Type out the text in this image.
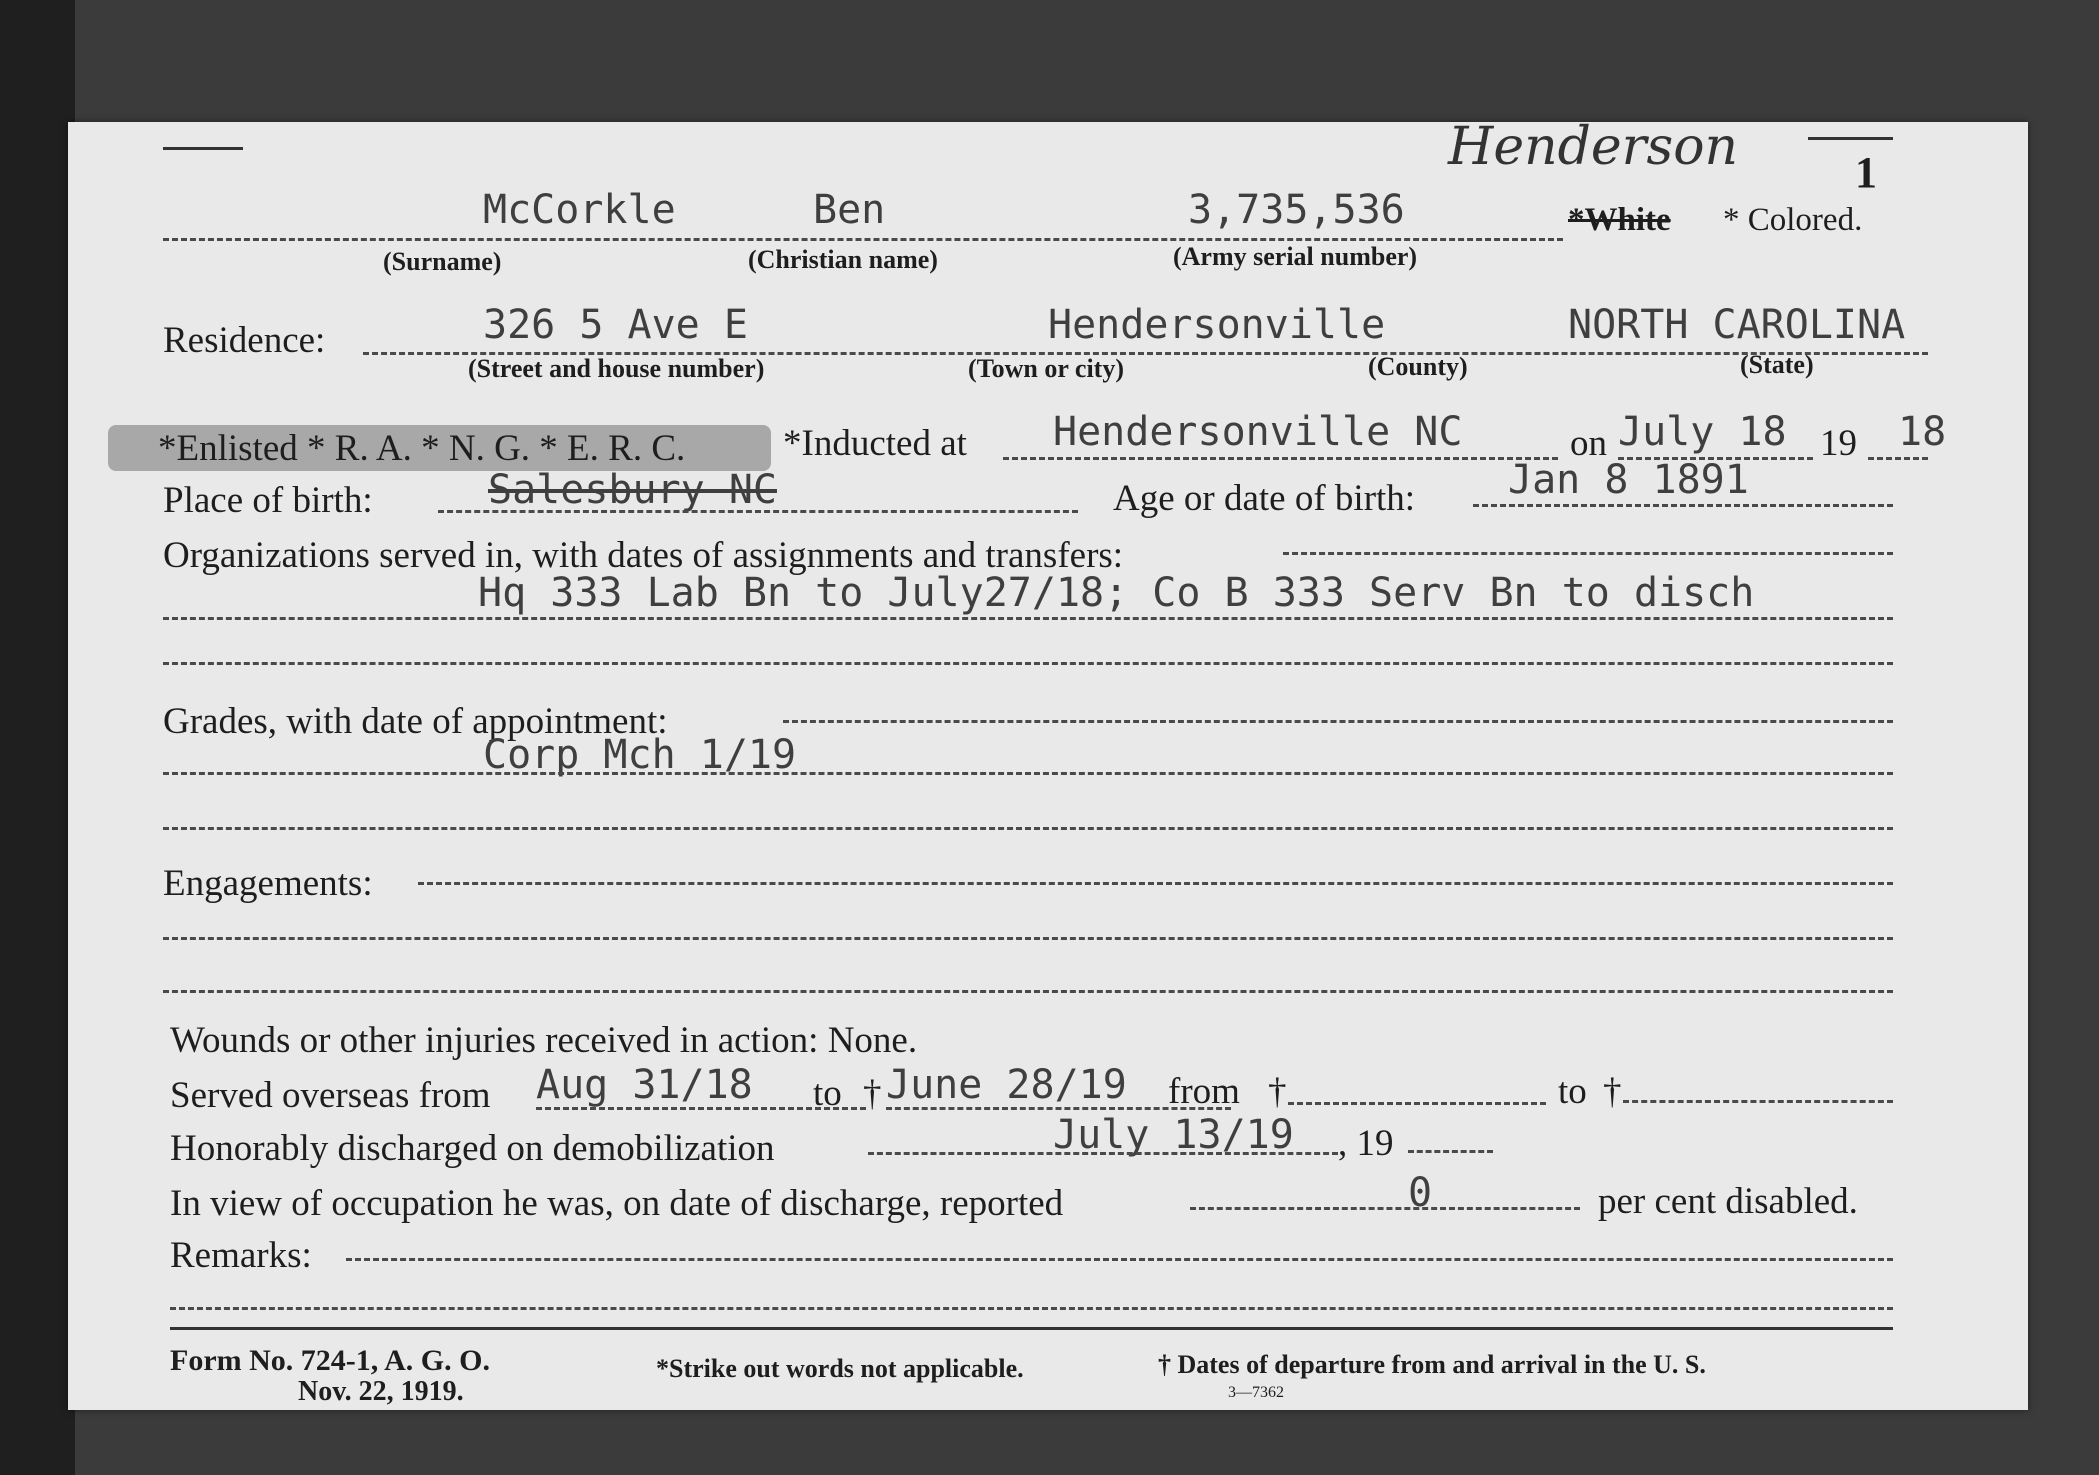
Henderson	1
McCorkle	Ben	3,735,536	*White * Colored.
(Surname)	(Christian name)	(Army serial number)
Residence:	326 5 Ave E	Hendersonville	NORTH CAROLINA
(Street and house number)	(Town or city)	(County)	(State)
*Enlisted * R. A. * N. G. * E. R. C.	*Inducted at Hendersonville NC	on July 18 19 18
Place of birth:	Salesbury NC	Age or date of birth: Jan 8 1891
Organizations served in, with dates of assignments and transfers:
Hq 333 Lab Bn to July27/18; Co B 333 Serv Bn to disch
Grades, with date of appointment:
Corp Mch 1/19
Engagements:
Wounds or other injuries received in action: None.
Served overseas from Aug 31/18 to † June 28/19 from †	to †
Honorably discharged on demobilization	July 13/19 , 19
In view of occupation he was, on date of discharge, reported	0	per cent disabled.
Remarks:
Form No. 724-1, A. G. O.
Nov. 22, 1919.
*Strike out words not applicable.	† Dates of departure from and arrival in the U. S.
3—7362
